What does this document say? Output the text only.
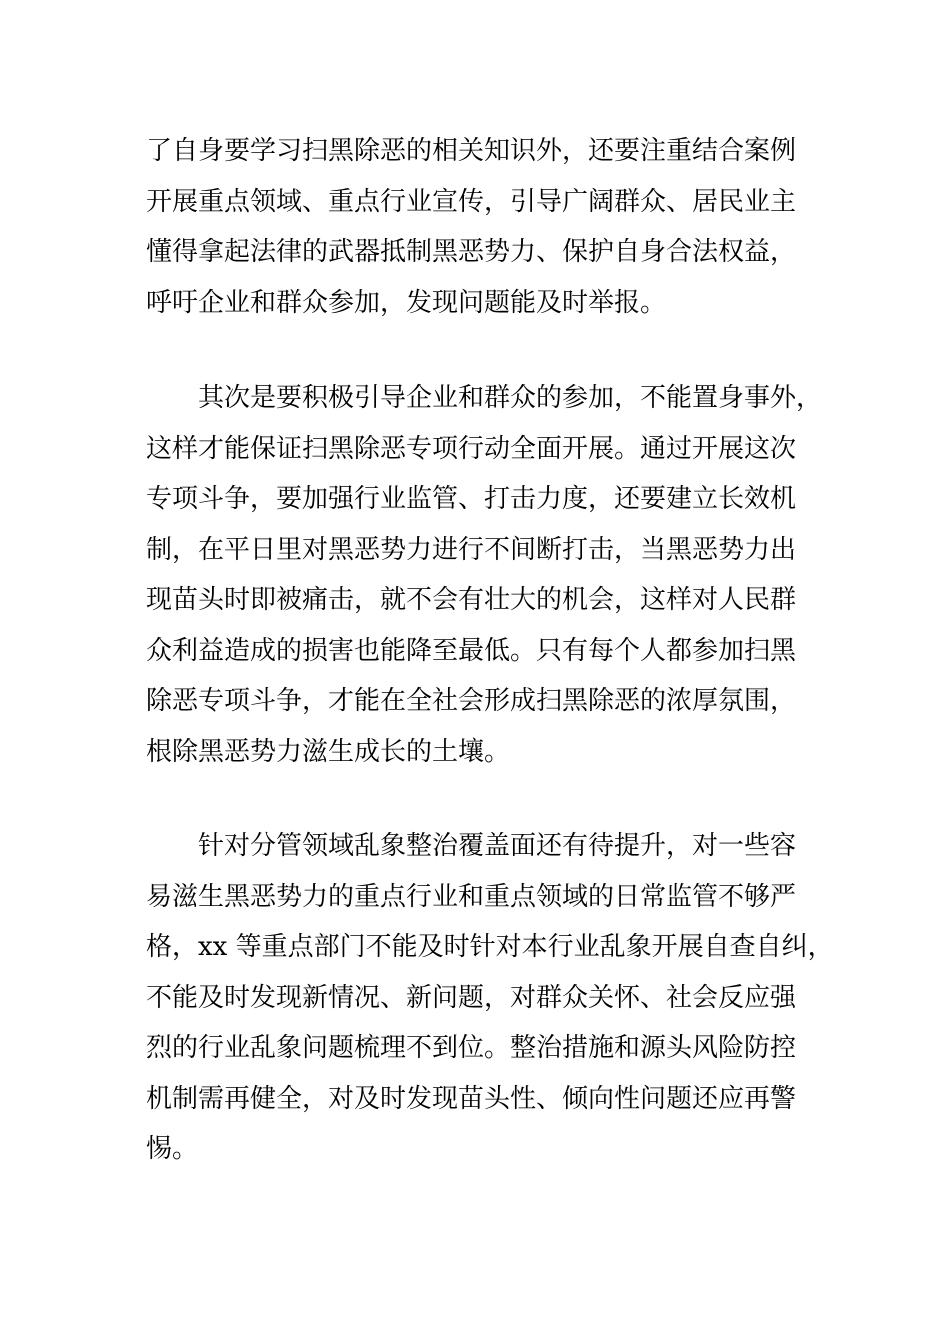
了自身要学习扫黑除恶的相关知识外，还要注重结合案例
开展重点领域、重点行业宣传，引导广阔群众、居民业主
懂得拿起法律的武器抵制黑恶势力、保护自身合法权益，
呼吁企业和群众参加，发现问题能及时举报。
其次是要积极引导企业和群众的参加，不能置身事外，
这样才能保证扫黑除恶专项行动全面开展。通过开展这次
专项斗争，要加强行业监管、打击力度，还要建立长效机
制，在平日里对黑恶势力进行不间断打击，当黑恶势力出
现苗头时即被痛击，就不会有壮大的机会，这样对人民群
众利益造成的损害也能降至最低。只有每个人都参加扫黑
除恶专项斗争，才能在全社会形成扫黑除恶的浓厚氛围，
根除黑恶势力滋生成长的土壤。
针对分管领域乱象整治覆盖面还有待提升，对一些容
易滋生黑恶势力的重点行业和重点领域的日常监管不够严
格，xx 等重点部门不能及时针对本行业乱象开展自查自纠，
不能及时发现新情况、新问题，对群众关怀、社会反应强
烈的行业乱象问题梳理不到位。整治措施和源头风险防控
机制需再健全，对及时发现苗头性、倾向性问题还应再警
惕。
